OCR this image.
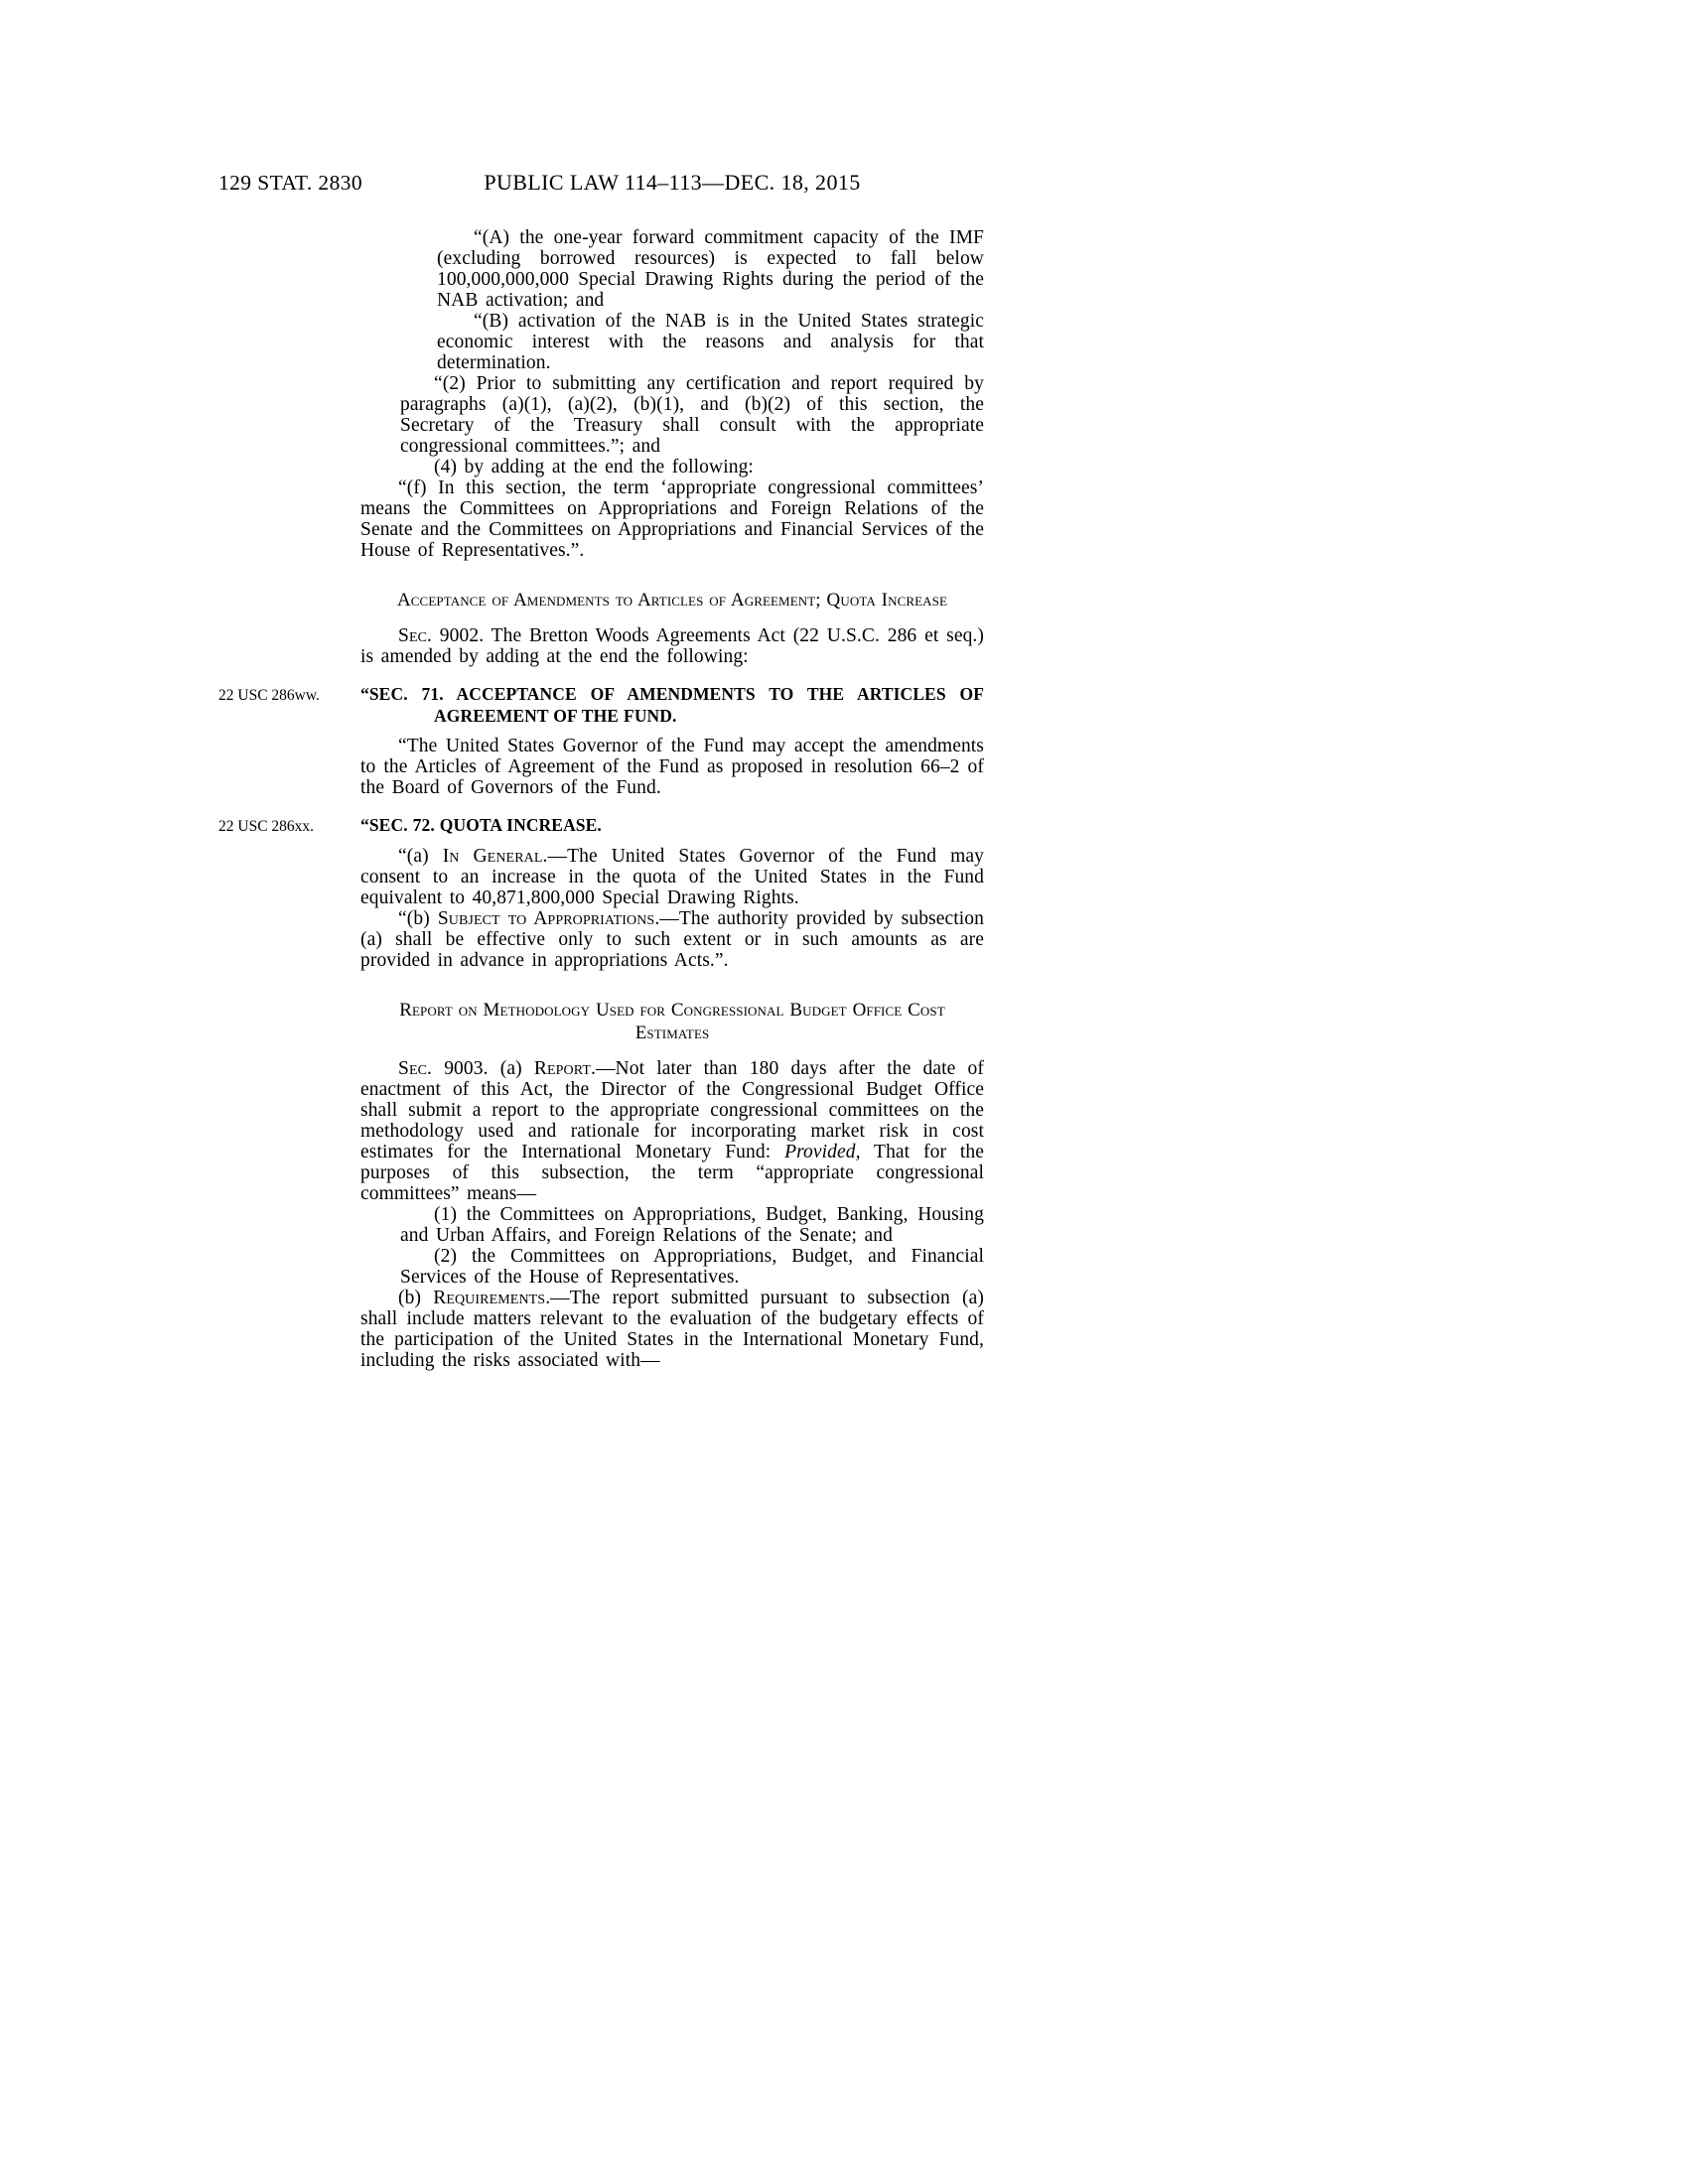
129 STAT. 2830	PUBLIC LAW 114–113—DEC. 18, 2015

“(A) the one-year forward commitment capacity of the IMF (excluding borrowed resources) is expected to fall below 100,000,000,000 Special Drawing Rights during the period of the NAB activation; and

“(B) activation of the NAB is in the United States strategic economic interest with the reasons and analysis for that determination.

“(2) Prior to submitting any certification and report required by paragraphs (a)(1), (a)(2), (b)(1), and (b)(2) of this section, the Secretary of the Treasury shall consult with the appropriate congressional committees.”; and

(4) by adding at the end the following:

“(f) In this section, the term ‘appropriate congressional committees’ means the Committees on Appropriations and Foreign Relations of the Senate and the Committees on Appropriations and Financial Services of the House of Representatives.”.

Acceptance of Amendments to Articles of Agreement; Quota Increase

Sec. 9002. The Bretton Woods Agreements Act (22 U.S.C. 286 et seq.) is amended by adding at the end the following:

22 USC 286ww.	“SEC. 71. ACCEPTANCE OF AMENDMENTS TO THE ARTICLES OF AGREEMENT OF THE FUND.

“The United States Governor of the Fund may accept the amendments to the Articles of Agreement of the Fund as proposed in resolution 66–2 of the Board of Governors of the Fund.

22 USC 286xx.	“SEC. 72. QUOTA INCREASE.

“(a) In General.—The United States Governor of the Fund may consent to an increase in the quota of the United States in the Fund equivalent to 40,871,800,000 Special Drawing Rights.

“(b) Subject to Appropriations.—The authority provided by subsection (a) shall be effective only to such extent or in such amounts as are provided in advance in appropriations Acts.”.

Report on Methodology Used for Congressional Budget Office Cost Estimates

Sec. 9003. (a) Report.—Not later than 180 days after the date of enactment of this Act, the Director of the Congressional Budget Office shall submit a report to the appropriate congressional committees on the methodology used and rationale for incorporating market risk in cost estimates for the International Monetary Fund: Provided, That for the purposes of this subsection, the term “appropriate congressional committees” means—

(1) the Committees on Appropriations, Budget, Banking, Housing and Urban Affairs, and Foreign Relations of the Senate; and

(2) the Committees on Appropriations, Budget, and Financial Services of the House of Representatives.

(b) Requirements.—The report submitted pursuant to subsection (a) shall include matters relevant to the evaluation of the budgetary effects of the participation of the United States in the International Monetary Fund, including the risks associated with—
